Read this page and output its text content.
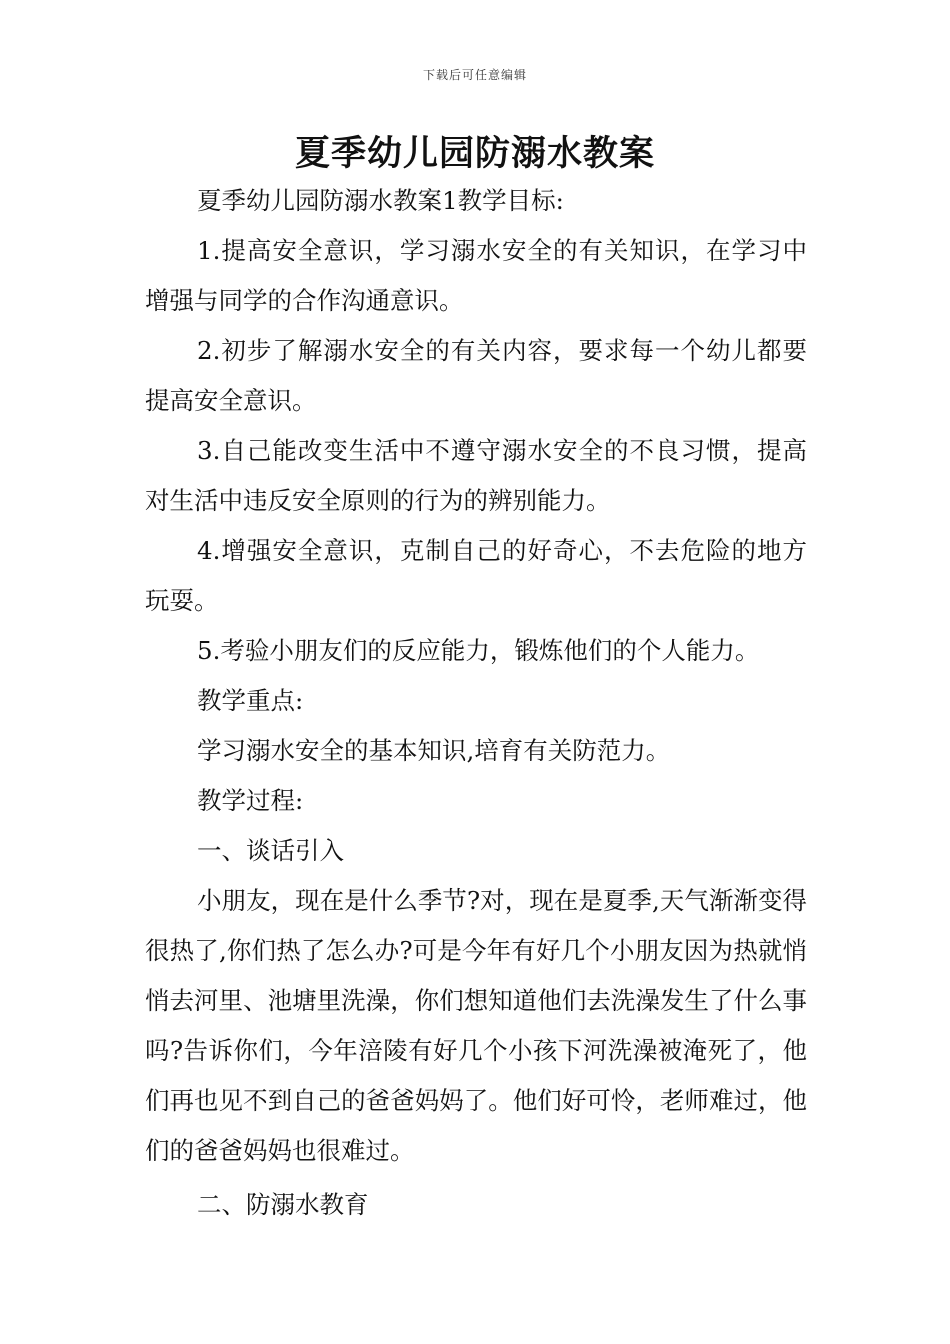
下载后可任意编辑
夏季幼儿园防溺水教案

夏季幼儿园防溺水教案1教学目标:

1.提高安全意识，学习溺水安全的有关知识，在学习中增强与同学的合作沟通意识。

2.初步了解溺水安全的有关内容，要求每一个幼儿都要提高安全意识。

3.自己能改变生活中不遵守溺水安全的不良习惯，提高对生活中违反安全原则的行为的辨别能力。

4.增强安全意识，克制自己的好奇心，不去危险的地方玩耍。

5.考验小朋友们的反应能力，锻炼他们的个人能力。

教学重点:

学习溺水安全的基本知识,培育有关防范力。

教学过程:

一、谈话引入

小朋友，现在是什么季节?对，现在是夏季,天气渐渐变得很热了,你们热了怎么办?可是今年有好几个小朋友因为热就悄悄去河里、池塘里洗澡，你们想知道他们去洗澡发生了什么事吗?告诉你们，今年涪陵有好几个小孩下河洗澡被淹死了，他们再也见不到自己的爸爸妈妈了。他们好可怜，老师难过，他们的爸爸妈妈也很难过。

二、防溺水教育
